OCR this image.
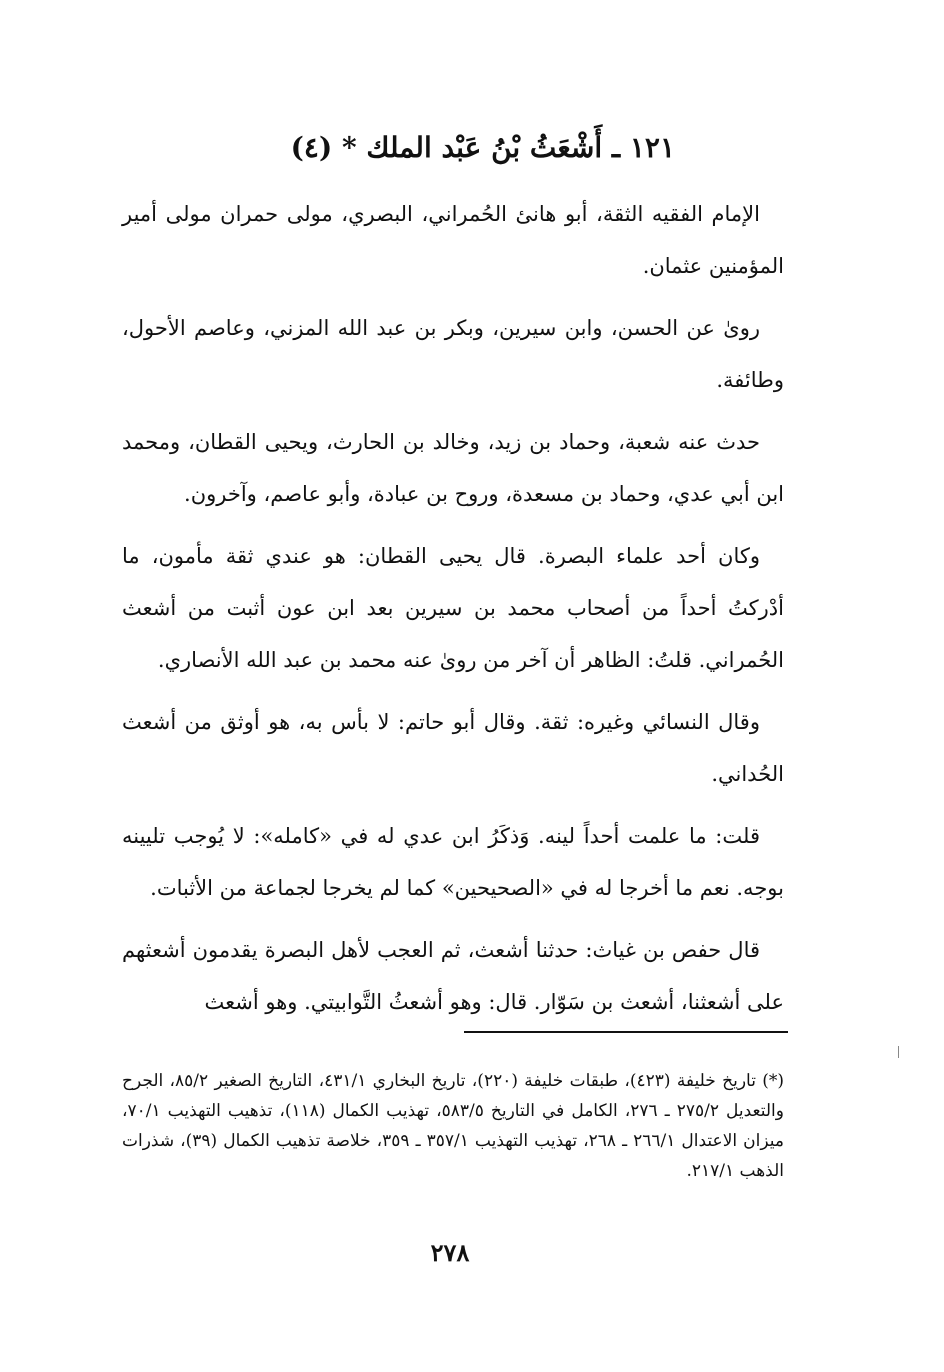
١٢١ ـ أَشْعَثُ بْنُ عَبْد الملك * (٤)

الإمام الفقيه الثقة، أبو هانئ الحُمراني، البصري، مولى حمران مولى أمير المؤمنين عثمان.

روىٰ عن الحسن، وابن سيرين، وبكر بن عبد الله المزني، وعاصم الأحول، وطائفة.

حدث عنه شعبة، وحماد بن زيد، وخالد بن الحارث، ويحيى القطان، ومحمد ابن أبي عدي، وحماد بن مسعدة، وروح بن عبادة، وأبو عاصم، وآخرون.

وكان أحد علماء البصرة. قال يحيى القطان: هو عندي ثقة مأمون، ما أدْركتُ أحداً من أصحاب محمد بن سيرين بعد ابن عون أثبت من أشعث الحُمراني. قلتُ: الظاهر أن آخر من روىٰ عنه محمد بن عبد الله الأنصاري.

وقال النسائي وغيره: ثقة. وقال أبو حاتم: لا بأس به، هو أوثق من أشعث الحُداني.

قلت: ما علمت أحداً لينه. وَذكَرُ ابن عدي له في «كامله»: لا يُوجب تليينه بوجه. نعم ما أخرجا له في «الصحيحين» كما لم يخرجا لجماعة من الأثبات.

قال حفص بن غياث: حدثنا أشعث، ثم العجب لأهل البصرة يقدمون أشعثهم على أشعثنا، أشعث بن سَوّار. قال: وهو أشعثُ التَّوابيتي. وهو أشعث

(*) تاريخ خليفة (٤٢٣)، طبقات خليفة (٢٢٠)، تاريخ البخاري ٤٣١/١، التاريخ الصغير ٨٥/٢، الجرح والتعديل ٢٧٥/٢ ـ ٢٧٦، الكامل في التاريخ ٥٨٣/٥، تهذيب الكمال (١١٨)، تذهيب التهذيب ٧٠/١، ميزان الاعتدال ٢٦٦/١ ـ ٢٦٨، تهذيب التهذيب ٣٥٧/١ ـ ٣٥٩، خلاصة تذهيب الكمال (٣٩)، شذرات الذهب ٢١٧/١.
٢٧٨
